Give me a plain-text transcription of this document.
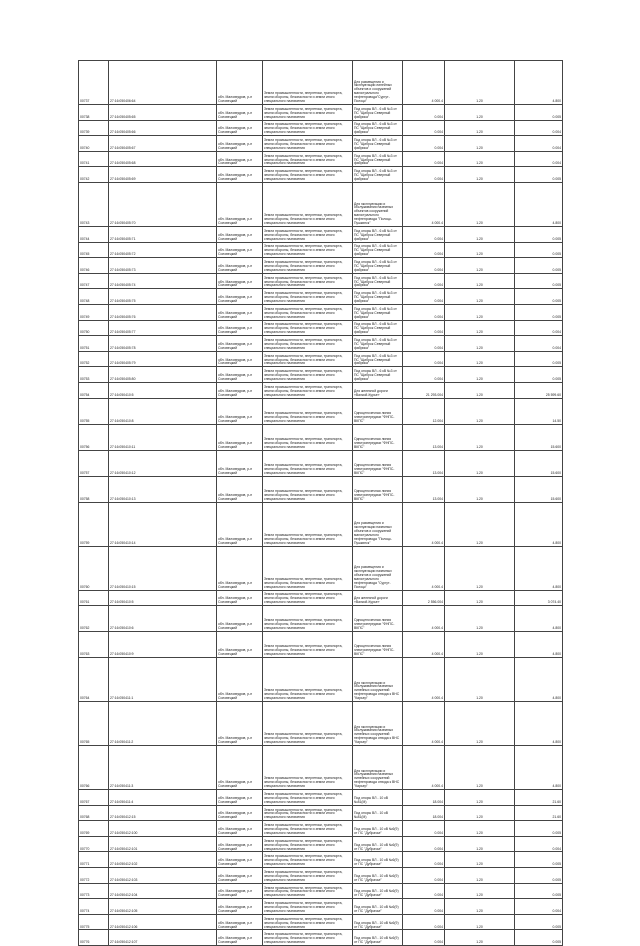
00737	27:16:050406:64	обл. Маловедров, р-н Соловецкий	Земли промышленности, энергетики, транспорта, земли обороны, безопасности и земли иного специального назначения	Для размещения и эксплуатации линейных объектов и сооружений магистрального нефтепровода"Сургут-Полоцк"	4 000.4	1.20	4.800
00738	27:16:050405:65	обл. Маловедров, р-н Соловецкий	Земли промышленности, энергетики, транспорта, земли обороны, безопасности и земли иного специального назначения	Под опоры ВЛ - 6 кВ №3 от ПС "Щиброк Северный фабрика"	0.004	1.20	0.005
00739	27:16:050405:66	обл. Маловедров, р-н Соловецкий	Земли промышленности, энергетики, транспорта, земли обороны, безопасности и земли иного специального назначения	Под опоры ВЛ - 6 кВ №3 от ПС "Щиброк Северный фабрика"	0.004	1.20	0.004
00740	27:16:050405:67	обл. Маловедров, р-н Соловецкий	Земли промышленности, энергетики, транспорта, земли обороны, безопасности и земли иного специального назначения	Под опоры ВЛ - 6 кВ №3 от ПС "Щиброк Северный фабрика"	0.004	1.20	0.004
00741	27:16:050405:68	обл. Маловедров, р-н Соловецкий	Земли промышленности, энергетики, транспорта, земли обороны, безопасности и земли иного специального назначения	Под опоры ВЛ - 6 кВ №3 от ПС "Щиброк Северный фабрика"	0.004	1.20	0.004
00742	27:16:050405:69	обл. Маловедров, р-н Соловецкий	Земли промышленности, энергетики, транспорта, земли обороны, безопасности и земли иного специального назначения	Под опоры ВЛ - 6 кВ №3 от ПС "Щиброк Северный фабрика"	0.004	1.20	0.005
00743	27:16:050405:70	обл. Маловедров, р-н Соловецкий	Земли промышленности, энергетики, транспорта, земли обороны, безопасности и земли иного специального назначения	Для эксплуатации и обслуживания наземных объектов сооружений магистрального нефтепровода "Полоцк-Пушкинск"	4 000.4	1.20	4.800
00744	27:16:050405:71	обл. Маловедров, р-н Соловецкий	Земли промышленности, энергетики, транспорта, земли обороны, безопасности и земли иного специального назначения	Под опоры ВЛ - 6 кВ №3 от ПС "Щиброк Северный фабрика"	0.004	1.20	0.005
00745	27:16:050405:72	обл. Маловедров, р-н Соловецкий	Земли промышленности, энергетики, транспорта, земли обороны, безопасности и земли иного специального назначения	Под опоры ВЛ - 6 кВ №3 от ПС "Щиброк Северный фабрика"	0.004	1.20	0.005
00746	27:16:050405:73	обл. Маловедров, р-н Соловецкий	Земли промышленности, энергетики, транспорта, земли обороны, безопасности и земли иного специального назначения	Под опоры ВЛ - 6 кВ №3 от ПС "Щиброк Северный фабрика"	0.004	1.20	0.005
00747	27:16:050405:74	обл. Маловедров, р-н Соловецкий	Земли промышленности, энергетики, транспорта, земли обороны, безопасности и земли иного специального назначения	Под опоры ВЛ - 6 кВ №3 от ПС "Щиброк Северный фабрика"	0.004	1.20	0.005
00748	27:16:050405:75	обл. Маловедров, р-н Соловецкий	Земли промышленности, энергетики, транспорта, земли обороны, безопасности и земли иного специального назначения	Под опоры ВЛ - 6 кВ №3 от ПС "Щиброк Северный фабрика"	0.004	1.20	0.005
00749	27:16:050405:76	обл. Маловедров, р-н Соловецкий	Земли промышленности, энергетики, транспорта, земли обороны, безопасности и земли иного специального назначения	Под опоры ВЛ - 6 кВ №3 от ПС "Щиброк Северный фабрика"	0.004	1.20	0.005
00750	27:16:050405:77	обл. Маловедров, р-н Соловецкий	Земли промышленности, энергетики, транспорта, земли обороны, безопасности и земли иного специального назначения	Под опоры ВЛ - 6 кВ №3 от ПС "Щиброк Северный фабрика"	0.004	1.20	0.004
00751	27:16:050405:78	обл. Маловедров, р-н Соловецкий	Земли промышленности, энергетики, транспорта, земли обороны, безопасности и земли иного специального назначения	Под опоры ВЛ - 6 кВ №3 от ПС "Щиброк Северный фабрика"	0.004	1.20	0.004
00752	27:16:050405:79	обл. Маловедров, р-н Соловецкий	Земли промышленности, энергетики, транспорта, земли обороны, безопасности и земли иного специального назначения	Под опоры ВЛ - 6 кВ №3 от ПС "Щиброк Северный фабрика"	0.004	1.20	0.005
00753	27:16:050405:80	обл. Маловедров, р-н Соловецкий	Земли промышленности, энергетики, транспорта, земли обороны, безопасности и земли иного специального назначения	Под опоры ВЛ - 6 кВ №3 от ПС "Щиброк Северный фабрика"	0.004	1.20	0.005
00754	27:16:050410:5	обл. Маловедров, р-н Соловецкий	Земли промышленности, энергетики, транспорта, земли обороны, безопасности и земли иного специального назначения	Для железной дороги «Валкой-Курье»	21 293.004	1.20	25 599.60
00755	27:16:050410:8	обл. Маловедров, р-н Соловецкий	Земли промышленности, энергетики, транспорта, земли обороны, безопасности и земли иного специального назначения	Одноцепочечная линия электропередачи "ФНПС-ВКПС"	12.004	1.20	14.50
00756	27:16:050410:11	обл. Маловедров, р-н Соловецкий	Земли промышленности, энергетики, транспорта, земли обороны, безопасности и земли иного специального назначения	Одноцепочечная линия электропередачи "ФНПС-ВКПС"	13.004	1.20	15.600
00757	27:16:050410:12	обл. Маловедров, р-н Соловецкий	Земли промышленности, энергетики, транспорта, земли обороны, безопасности и земли иного специального назначения	Одноцепочечная линия электропередачи "ФНПС-ВКПС"	13.004	1.20	15.600
00758	27:16:050410:13	обл. Маловедров, р-н Соловецкий	Земли промышленности, энергетики, транспорта, земли обороны, безопасности и земли иного специального назначения	Одноцепочечная линия электропередачи "ФНПС-ВКПС"	13.004	1.20	15.600
00759	27:16:050410:14	обл. Маловедров, р-н Соловецкий	Земли промышленности, энергетики, транспорта, земли обороны, безопасности и земли иного специального назначения	Для размещения и эксплуатации наземных объектов и сооружений магистрального нефтепровода "Полоцк-Пушкинск"	4 000.4	1.20	4.800
00760	27:16:050410:15	обл. Маловедров, р-н Соловецкий	Земли промышленности, энергетики, транспорта, земли обороны, безопасности и земли иного специального назначения	Для размещения и эксплуатации наземных объектов и сооружений магистрального нефтепровода "Сургут-Полоцк"	4 000.4	1.20	4.800
00761	27:16:050410:5	обл. Маловедров, р-н Соловецкий	Земли промышленности, энергетики, транспорта, земли обороны, безопасности и земли иного специального назначения	Для железной дороги «Валкой-Курье»	2 556.004	1.20	3 074.40
00762	27:16:050410:6	обл. Маловедров, р-н Соловецкий	Земли промышленности, энергетики, транспорта, земли обороны, безопасности и земли иного специального назначения	Одноцепочечная линия электропередачи "ФНПС-ВКПС"	4 000.4	1.20	4.800
00763	27:16:050410:9	обл. Маловедров, р-н Соловецкий	Земли промышленности, энергетики, транспорта, земли обороны, безопасности и земли иного специального назначения	Одноцепочечная линия электропередачи "ФНПС-ВКПС"	4 000.4	1.20	4.800
00764	27:16:050411:1	обл. Маловедров, р-н Соловецкий	Земли промышленности, энергетики, транспорта, земли обороны, безопасности и земли иного специального назначения	Для эксплуатации и обслуживания наземных линейных сооружений нефтепровода отвода к ВНС "Карьер"	4 000.4	1.20	4.800
00765	27:16:050411:2	обл. Маловедров, р-н Соловецкий	Земли промышленности, энергетики, транспорта, земли обороны, безопасности и земли иного специального назначения	Для эксплуатации и обслуживания наземных линейных сооружений нефтепровода отвода к ВНС "Карьер"	4 000.4	1.20	4.800
00766	27:16:050411:3	обл. Маловедров, р-н Соловецкий	Земли промышленности, энергетики, транспорта, земли обороны, безопасности и земли иного специального назначения	Для эксплуатации и обслуживания наземных линейных сооружений нефтепровода отвода к ВНС "Карьер"	4 000.4	1.20	4.800
00767	27:16:050411:4	обл. Маловедров, р-н Соловецкий	Земли промышленности, энергетики, транспорта, земли обороны, безопасности и земли иного специального назначения	Под опоры ВЛ - 10 кВ №81(М)	18.004	1.20	21.60
00768	27:16:050412:15	обл. Маловедров, р-н Соловецкий	Земли промышленности, энергетики, транспорта, земли обороны, безопасности и земли иного специального назначения	Под опоры ВЛ - 10 кВ №81(М)	18.004	1.20	21.60
00769	27:16:050412:100	обл. Маловедров, р-н Соловецкий	Земли промышленности, энергетики, транспорта, земли обороны, безопасности и земли иного специального назначения	Под опоры ВЛ - 10 кВ №6(9) от ПС "Дубрачье"	0.004	1.20	0.005
00770	27:16:050412:101	обл. Маловедров, р-н Соловецкий	Земли промышленности, энергетики, транспорта, земли обороны, безопасности и земли иного специального назначения	Под опоры ВЛ - 10 кВ №6(9) от ПС "Дубрачье"	0.004	1.20	0.004
00771	27:16:050412:102	обл. Маловедров, р-н Соловецкий	Земли промышленности, энергетики, транспорта, земли обороны, безопасности и земли иного специального назначения	Под опоры ВЛ - 10 кВ №6(9) от ПС "Дубрачье"	0.004	1.20	0.005
00772	27:16:050412:103	обл. Маловедров, р-н Соловецкий	Земли промышленности, энергетики, транспорта, земли обороны, безопасности и земли иного специального назначения	Под опоры ВЛ - 10 кВ №6(9) от ПС "Дубрачье"	0.004	1.20	0.005
00773	27:16:050412:104	обл. Маловедров, р-н Соловецкий	Земли промышленности, энергетики, транспорта, земли обороны, безопасности и земли иного специального назначения	Под опоры ВЛ - 10 кВ №6(9) от ПС "Дубрачье"	0.004	1.20	0.005
00774	27:16:050412:105	обл. Маловедров, р-н Соловецкий	Земли промышленности, энергетики, транспорта, земли обороны, безопасности и земли иного специального назначения	Под опоры ВЛ - 10 кВ №6(9) от ПС "Дубрачье"	0.004	1.20	0.004
00775	27:16:050412:106	обл. Маловедров, р-н Соловецкий	Земли промышленности, энергетики, транспорта, земли обороны, безопасности и земли иного специального назначения	Под опоры ВЛ - 10 кВ №6(9) от ПС "Дубрачье"	0.004	1.20	0.005
00776	27:16:050412:107	обл. Маловедров, р-н Соловецкий	Земли промышленности, энергетики, транспорта, земли обороны, безопасности и земли иного специального назначения	Под опоры ВЛ - 10 кВ №6(9) от ПС "Дубрачье"	0.004	1.20	0.005
